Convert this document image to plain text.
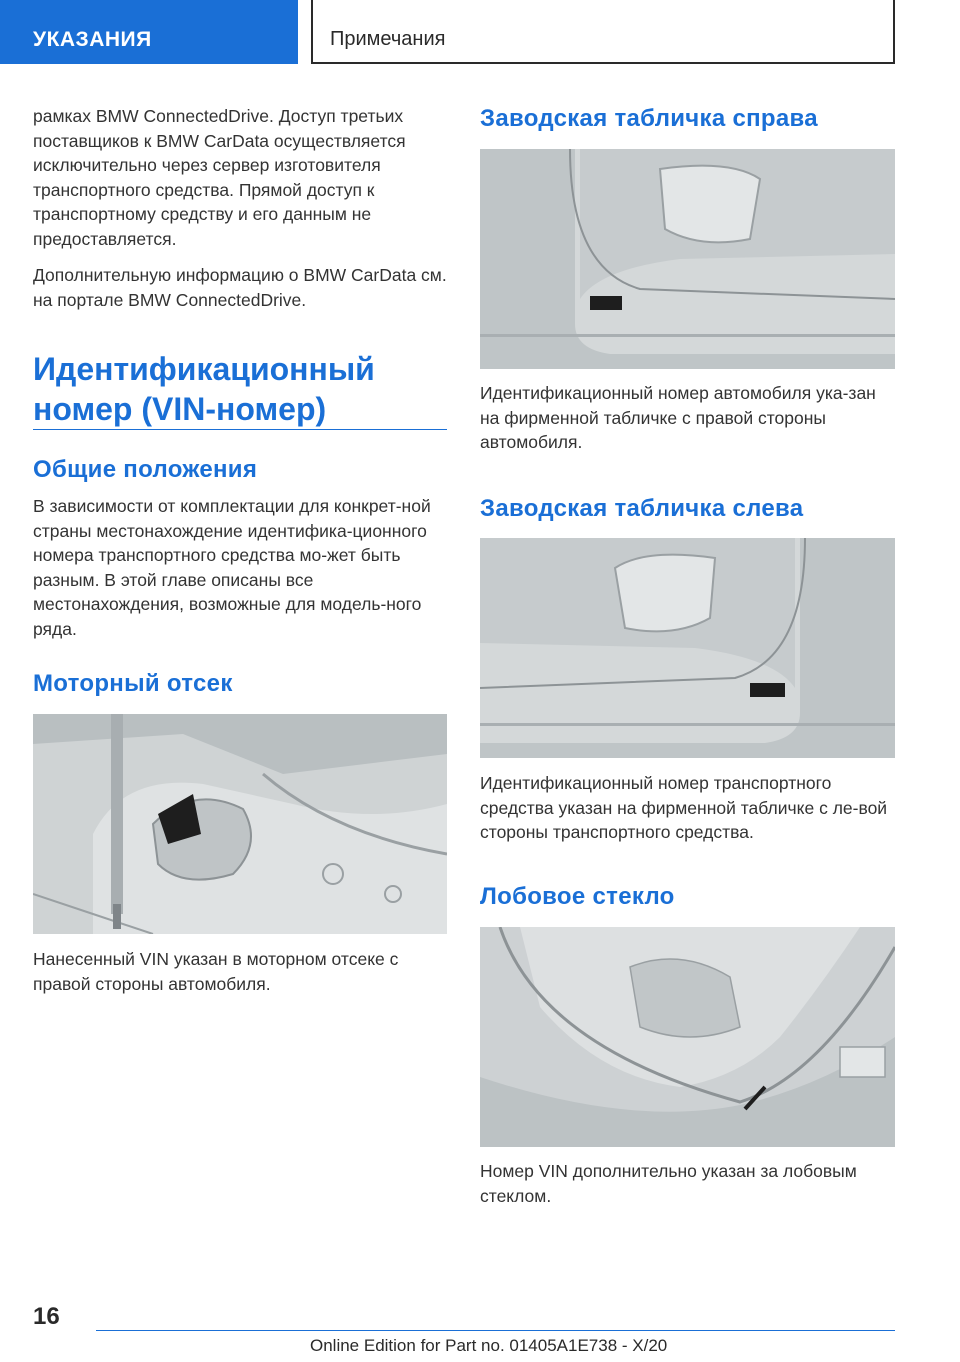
УКАЗАНИЯ	Примечания

рамках BMW ConnectedDrive. Доступ третьих поставщиков к BMW CarData осуществляется исключительно через сервер изготовителя транспортного средства. Прямой доступ к транспортному средству и его данным не предоставляется.

Дополнительную информацию о BMW CarData см. на портале BMW ConnectedDrive.

Идентификационный
номер (VIN-номер)
Общие положения

В зависимости от комплектации для конкрет-ной страны местонахождение идентифика-ционного номера транспортного средства мо-жет быть разным. В этой главе описаны все местонахождения, возможные для модель-ного ряда.

Моторный отсек

Нанесенный VIN указан в моторном отсеке с правой стороны автомобиля.

Заводская табличка справа

Идентификационный номер автомобиля ука-зан на фирменной табличке с правой стороны автомобиля.

Заводская табличка слева

Идентификационный номер транспортного средства указан на фирменной табличке с ле-вой стороны транспортного средства.

Лобовое стекло

Номер VIN дополнительно указан за лобовым стеклом.

16
Online Edition for Part no. 01405A1E738 - X/20
